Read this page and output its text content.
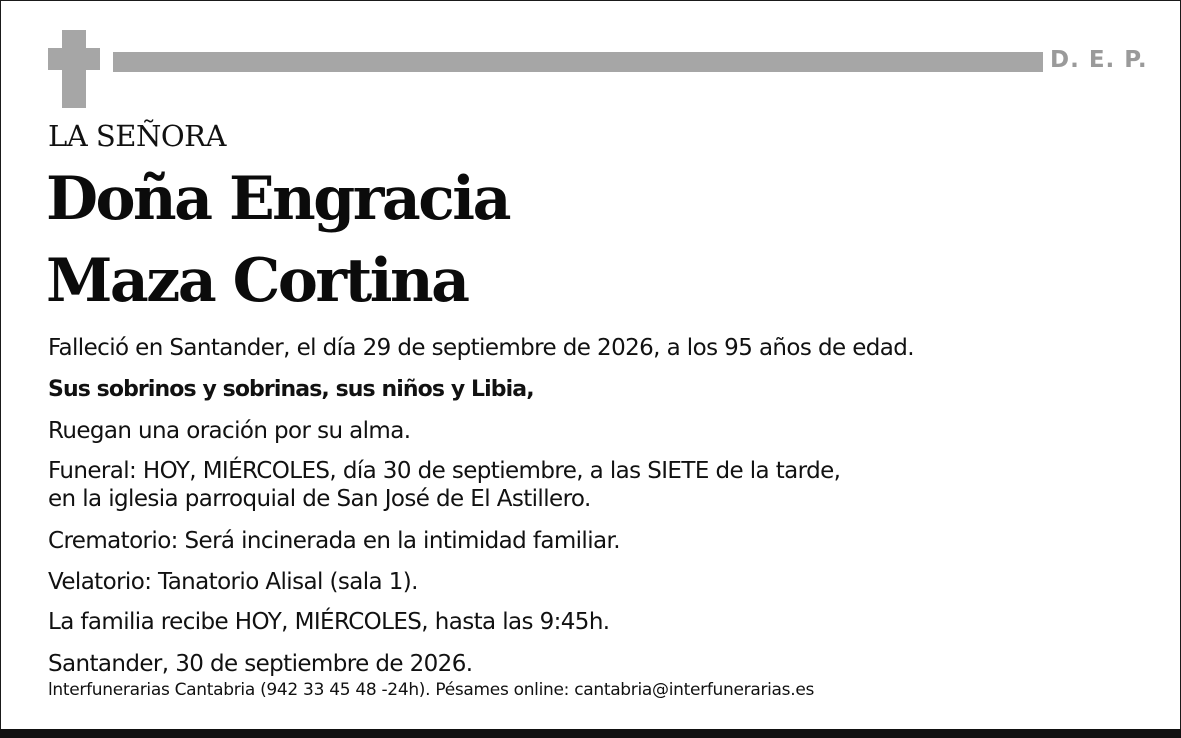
D. E. P.
LA SEÑORA
Doña Engracia
Maza Cortina
Falleció en Santander, el día 29 de septiembre de 2026, a los 95 años de edad.
Sus sobrinos y sobrinas, sus niños y Libia,
Ruegan una oración por su alma.
Funeral: HOY, MIÉRCOLES, día 30 de septiembre, a las SIETE de la tarde,
en la iglesia parroquial de San José de El Astillero.
Crematorio: Será incinerada en la intimidad familiar.
Velatorio: Tanatorio Alisal (sala 1).
La familia recibe HOY, MIÉRCOLES, hasta las 9:45h.
Santander, 30 de septiembre de 2026.
lnterfunerarias Cantabria (942 33 45 48 -24h). Pésames online: cantabria@interfunerarias.es
